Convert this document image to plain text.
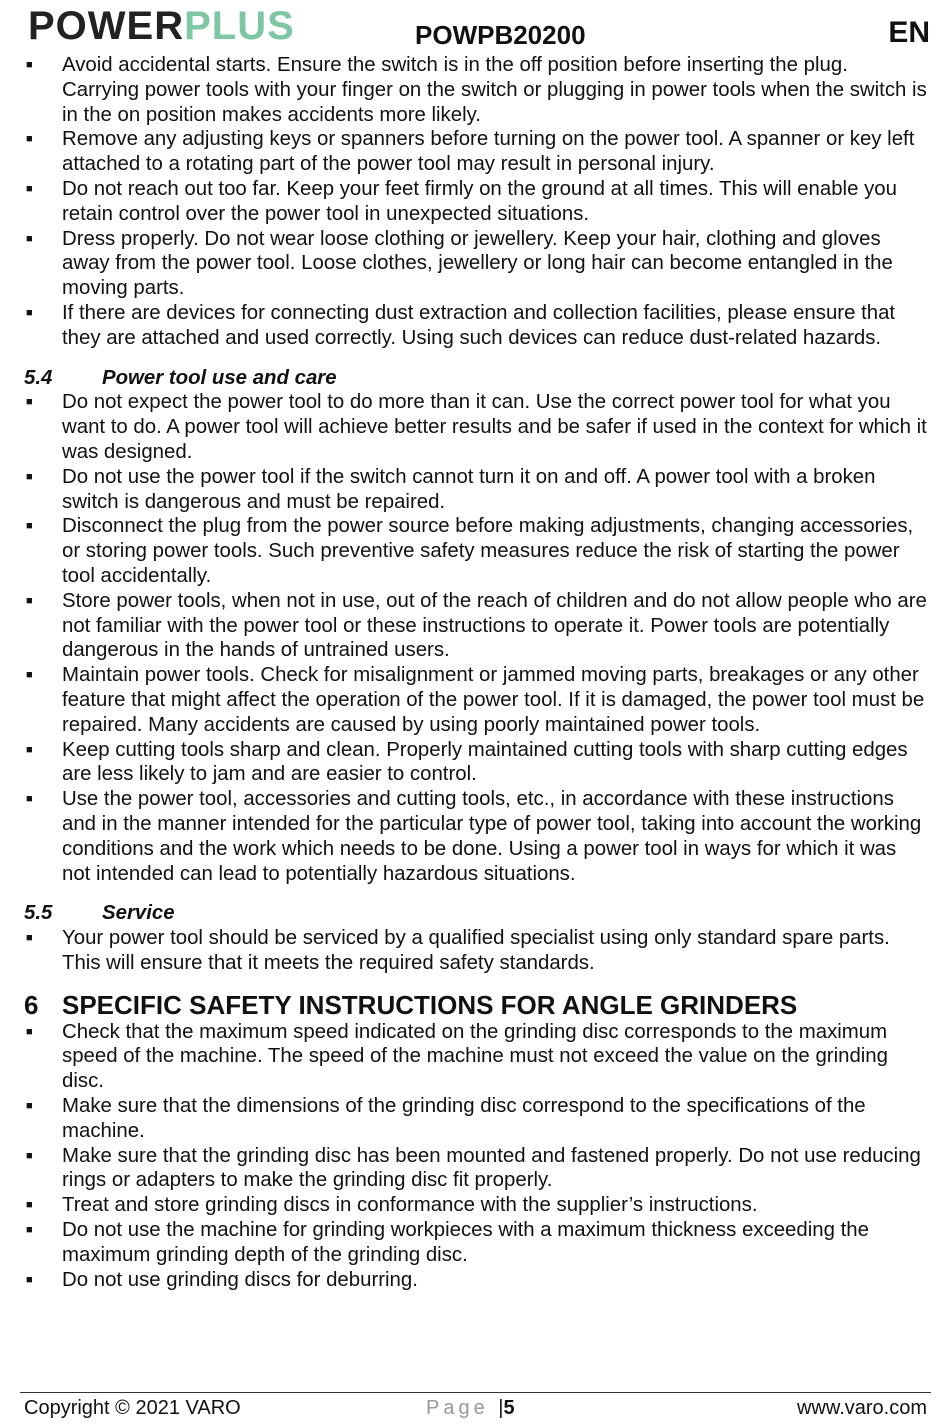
POWERPLUS	POWPB20200	EN
■ Avoid accidental starts. Ensure the switch is in the off position before inserting the plug. Carrying power tools with your finger on the switch or plugging in power tools when the switch is in the on position makes accidents more likely.
■ Remove any adjusting keys or spanners before turning on the power tool. A spanner or key left attached to a rotating part of the power tool may result in personal injury.
■ Do not reach out too far. Keep your feet firmly on the ground at all times. This will enable you retain control over the power tool in unexpected situations.
■ Dress properly. Do not wear loose clothing or jewellery. Keep your hair, clothing and gloves away from the power tool. Loose clothes, jewellery or long hair can become entangled in the moving parts.
■ If there are devices for connecting dust extraction and collection facilities, please ensure that they are attached and used correctly. Using such devices can reduce dust-related hazards.
5.4 Power tool use and care
■ Do not expect the power tool to do more than it can. Use the correct power tool for what you want to do. A power tool will achieve better results and be safer if used in the context for which it was designed.
■ Do not use the power tool if the switch cannot turn it on and off. A power tool with a broken switch is dangerous and must be repaired.
■ Disconnect the plug from the power source before making adjustments, changing accessories, or storing power tools. Such preventive safety measures reduce the risk of starting the power tool accidentally.
■ Store power tools, when not in use, out of the reach of children and do not allow people who are not familiar with the power tool or these instructions to operate it. Power tools are potentially dangerous in the hands of untrained users.
■ Maintain power tools. Check for misalignment or jammed moving parts, breakages or any other feature that might affect the operation of the power tool. If it is damaged, the power tool must be repaired. Many accidents are caused by using poorly maintained power tools.
■ Keep cutting tools sharp and clean. Properly maintained cutting tools with sharp cutting edges are less likely to jam and are easier to control.
■ Use the power tool, accessories and cutting tools, etc., in accordance with these instructions and in the manner intended for the particular type of power tool, taking into account the working conditions and the work which needs to be done. Using a power tool in ways for which it was not intended can lead to potentially hazardous situations.
5.5 Service
■ Your power tool should be serviced by a qualified specialist using only standard spare parts. This will ensure that it meets the required safety standards.
6 SPECIFIC SAFETY INSTRUCTIONS FOR ANGLE GRINDERS
■ Check that the maximum speed indicated on the grinding disc corresponds to the maximum speed of the machine. The speed of the machine must not exceed the value on the grinding disc.
■ Make sure that the dimensions of the grinding disc correspond to the specifications of the machine.
■ Make sure that the grinding disc has been mounted and fastened properly. Do not use reducing rings or adapters to make the grinding disc fit properly.
■ Treat and store grinding discs in conformance with the supplier’s instructions.
■ Do not use the machine for grinding workpieces with a maximum thickness exceeding the maximum grinding depth of the grinding disc.
■ Do not use grinding discs for deburring.
Copyright © 2021 VARO	Page |5	www.varo.com
